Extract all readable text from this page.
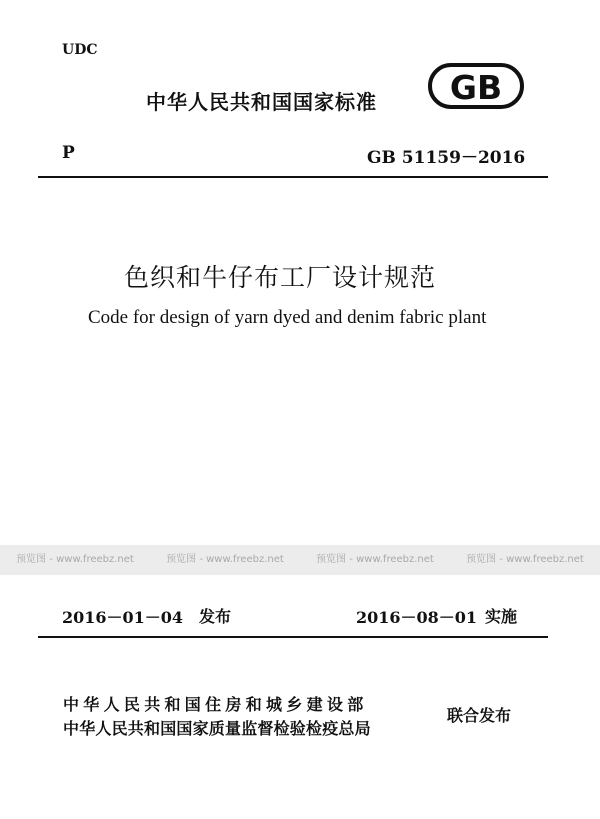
UDC
中华人民共和国国家标准 GB
P	GB 51159－2016
色织和牛仔布工厂设计规范
Code for design of yarn dyed and denim fabric plant
预览图 - www.freebz.net	预览图 - www.freebz.net	预览图 - www.freebz.net	预览图 - www.freebz.net
2016－01－04 发布	2016－08－01 实施
中华人民共和国住房和城乡建设部
中华人民共和国国家质量监督检验检疫总局
联合发布
